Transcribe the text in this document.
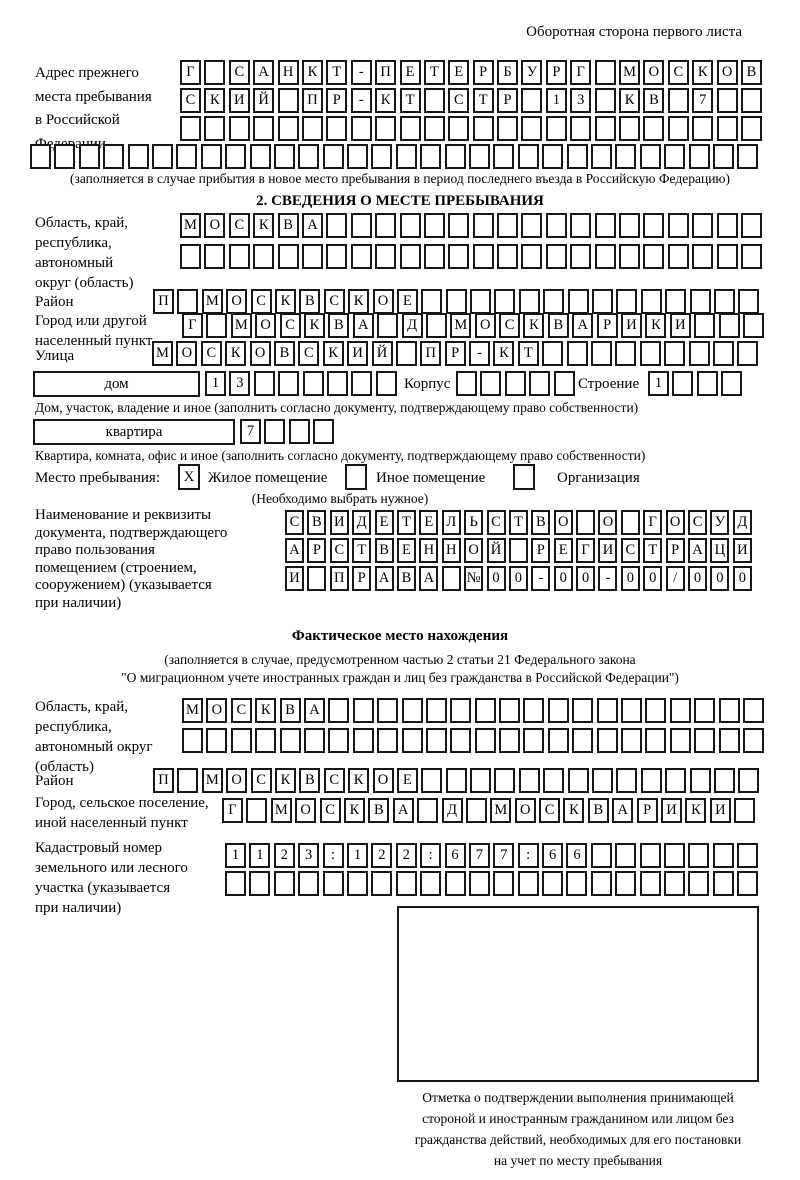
Оборотная сторона первого листа
Адрес прежнего
места пребывания
в Российской
Г	С А Н К	Т	-	П	Е	Т	Е	Р	Б	У	Р	Г	М О С	К О В
С	К И Й	П	Р	-	К	Т	С	Т	Р	1	3	К	В	7
(заполняется в случае прибытия в новое место пребывания в период последнего въезда в Российскую Федерацию)
2. СВЕДЕНИЯ О МЕСТЕ ПРЕБЫВАНИЯ
Область, край,
республика,
автономный
округ (область)
М О С	К	В А
Район	П	М О С	К	В	С	К О	Е
Город или другой
населенный пункт
Г	М О С	К	В А	Д	М О С	К	В А	Р	И К И
Улица	М О С	К О В	С	К И Й	П	Р	-	К	Т
дом	1	3	Корпус	Строение	1
Дом, участок, владение и иное (заполнить согласно документу, подтверждающему право собственности)
квартира	7
Квартира, комната, офис и иное (заполнить согласно документу, подтверждающему право собственности)
Место пребывания: X Жилое помещение	Иное помещение	Организация
(Необходимо выбрать нужное)
Наименование и реквизиты
документа, подтверждающего
право пользования
помещением (строением,
сооружением) (указывается
при наличии)
С В И Д Е Т Е Л Ь С Т В О О	Г О С У Д
А Р С Т В Е Н Н О Й	Р Е Г И С Т Р А Ц И
И П Р А В А № 0	0	-	0	0	-	0	0	/	0	0	0
Фактическое место нахождения
(заполняется в случае, предусмотренном частью 2 статьи 21 Федерального закона
"О миграционном учете иностранных граждан и лиц без гражданства в Российской Федерации")
Область, край,
республика,
автономный округ
(область)
М О С	К	В А
Район	П	М О С	К	В	С	К О	Е
Город, сельское поселение,
иной населенный пункт
Г	М О С	К	В А	Д	М О С	К	В А	Р	И К И
Кадастровый номер
земельного или лесного
участка (указывается
при наличии)
1	1	2	3	:	1	2	2	:	6	7	7	:	6	6
Отметка о подтверждении выполнения принимающей
стороной и иностранным гражданином или лицом без
гражданства действий, необходимых для его постановки
на учет по месту пребывания
